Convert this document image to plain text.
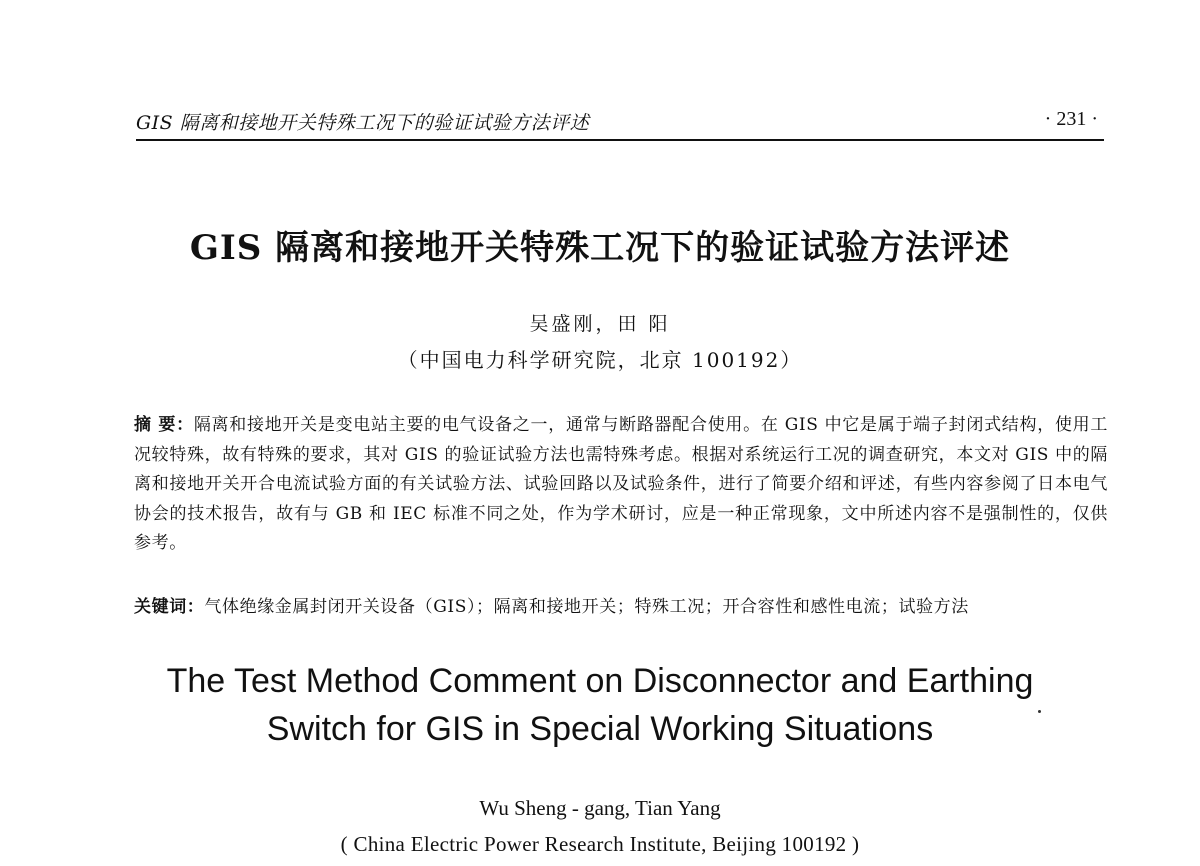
GIS 隔离和接地开关特殊工况下的验证试验方法评述	· 231 ·
GIS 隔离和接地开关特殊工况下的验证试验方法评述
吴盛刚，田 阳
（中国电力科学研究院，北京 100192）

摘 要：隔离和接地开关是变电站主要的电气设备之一，通常与断路器配合使用。在 GIS 中它是属于端子封闭式结构，使用工况较特殊，故有特殊的要求，其对 GIS 的验证试验方法也需特殊考虑。根据对系统运行工况的调查研究，本文对 GIS 中的隔离和接地开关开合电流试验方面的有关试验方法、试验回路以及试验条件，进行了简要介绍和评述，有些内容参阅了日本电气协会的技术报告，故有与 GB 和 IEC 标准不同之处，作为学术研讨，应是一种正常现象，文中所述内容不是强制性的，仅供参考。

关键词：气体绝缘金属封闭开关设备（GIS）；隔离和接地开关；特殊工况；开合容性和感性电流；试验方法

The Test Method Comment on Disconnector and Earthing
Switch for GIS in Special Working Situations
Wu Sheng - gang, Tian Yang
( China Electric Power Research Institute, Beijing 100192 )
